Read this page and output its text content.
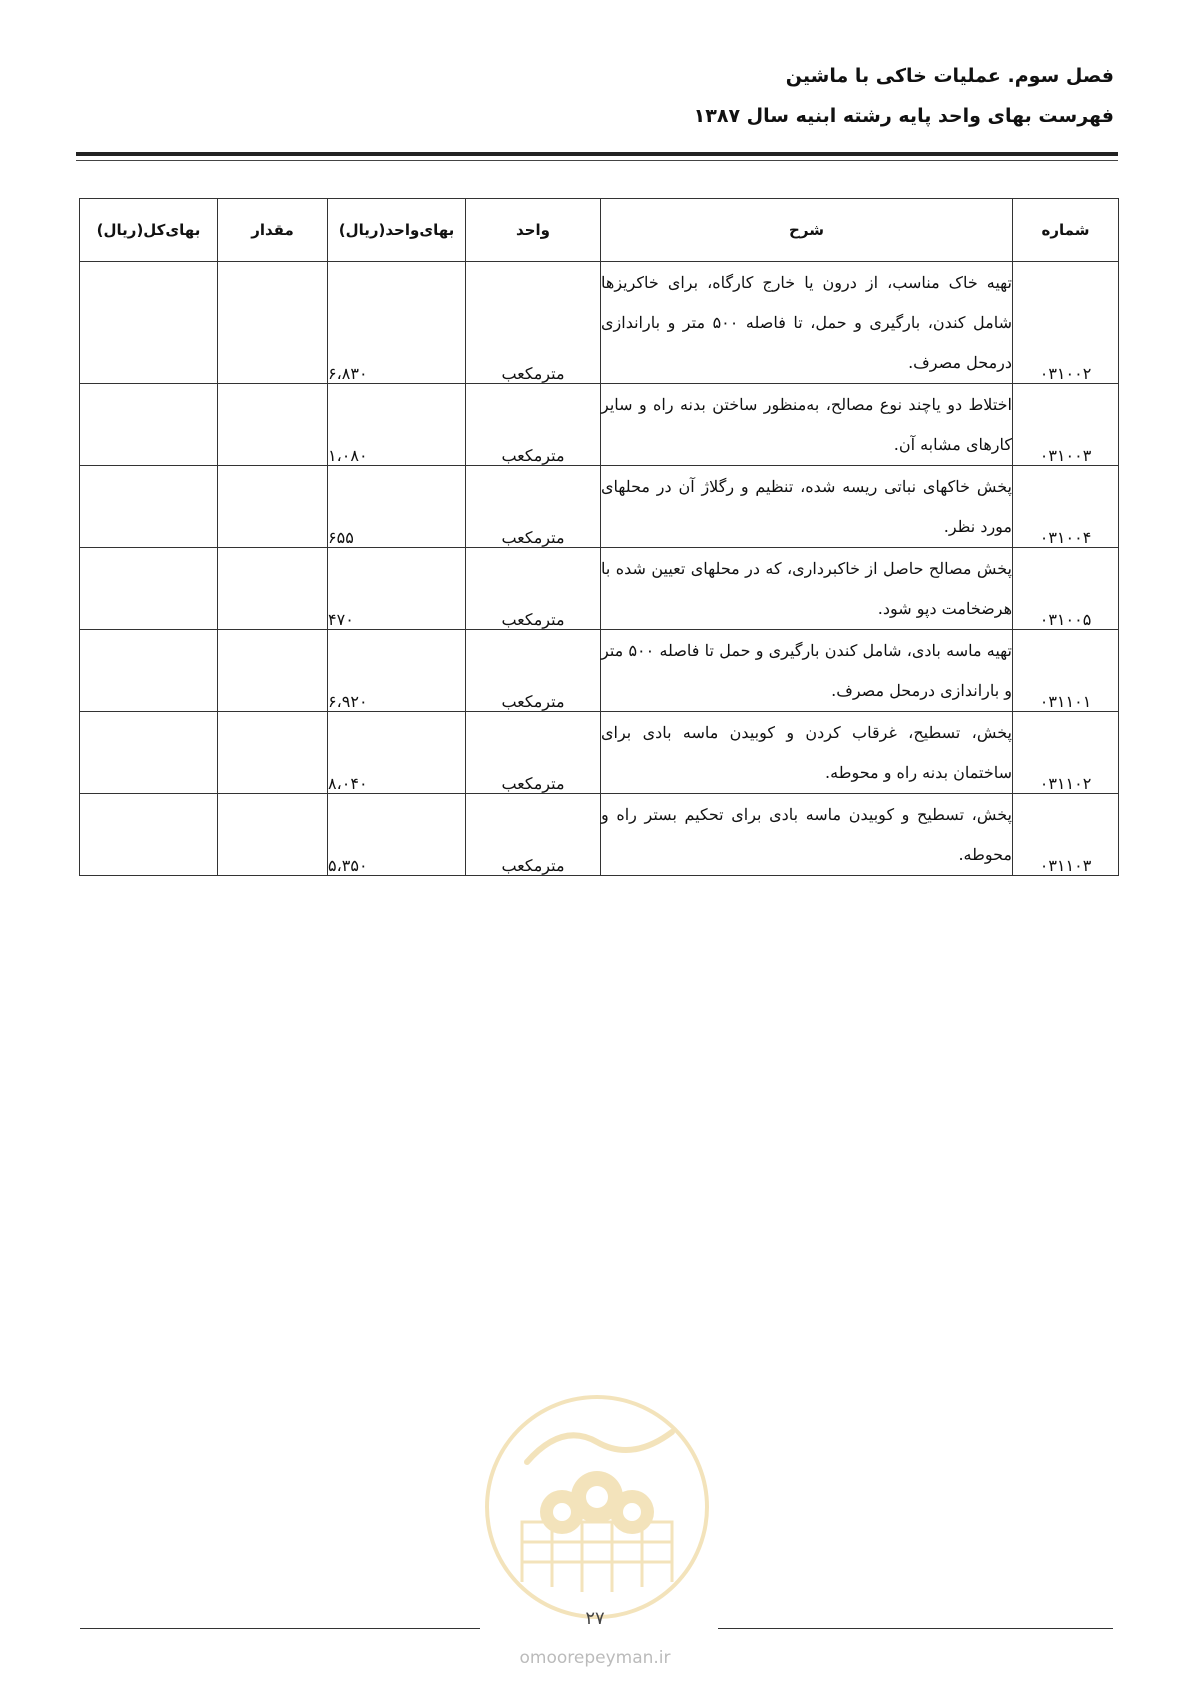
فصل سوم. عملیات خاکی با ماشین
فهرست بهای واحد پایه رشته ابنیه سال ۱۳۸۷
شماره	شرح	واحد	بهای‌واحد(ریال)	مقدار	بهای‌کل(ریال)
۰۳۱۰۰۲	تهیه خاک مناسب، از درون یا خارج کارگاه، برای خاکریزها شامل کندن، بارگیری و حمل، تا فاصله ۵۰۰ متر و باراندازی درمحل مصرف.	مترمکعب	۶،۸۳۰		
۰۳۱۰۰۳	اختلاط دو یاچند نوع مصالح، به‌منظور ساختن بدنه راه و سایر کارهای مشابه آن.	مترمکعب	۱،۰۸۰		
۰۳۱۰۰۴	پخش خاکهای نباتی ریسه شده، تنظیم و رگلاژ آن در محلهای مورد نظر.	مترمکعب	۶۵۵		
۰۳۱۰۰۵	پخش مصالح حاصل از خاکبرداری، که در محلهای تعیین شده با هرضخامت دپو شود.	مترمکعب	۴۷۰		
۰۳۱۱۰۱	تهیه ماسه بادی، شامل کندن بارگیری و حمل تا فاصله ۵۰۰ متر و باراندازی درمحل مصرف.	مترمکعب	۶،۹۲۰		
۰۳۱۱۰۲	پخش، تسطیح، غرقاب کردن و کوبیدن ماسه بادی برای ساختمان بدنه راه و محوطه.	مترمکعب	۸،۰۴۰		
۰۳۱۱۰۳	پخش، تسطیح و کوبیدن ماسه بادی برای تحکیم بستر راه و محوطه.	مترمکعب	۵،۳۵۰		
۲۷
omoorepeyman.ir
